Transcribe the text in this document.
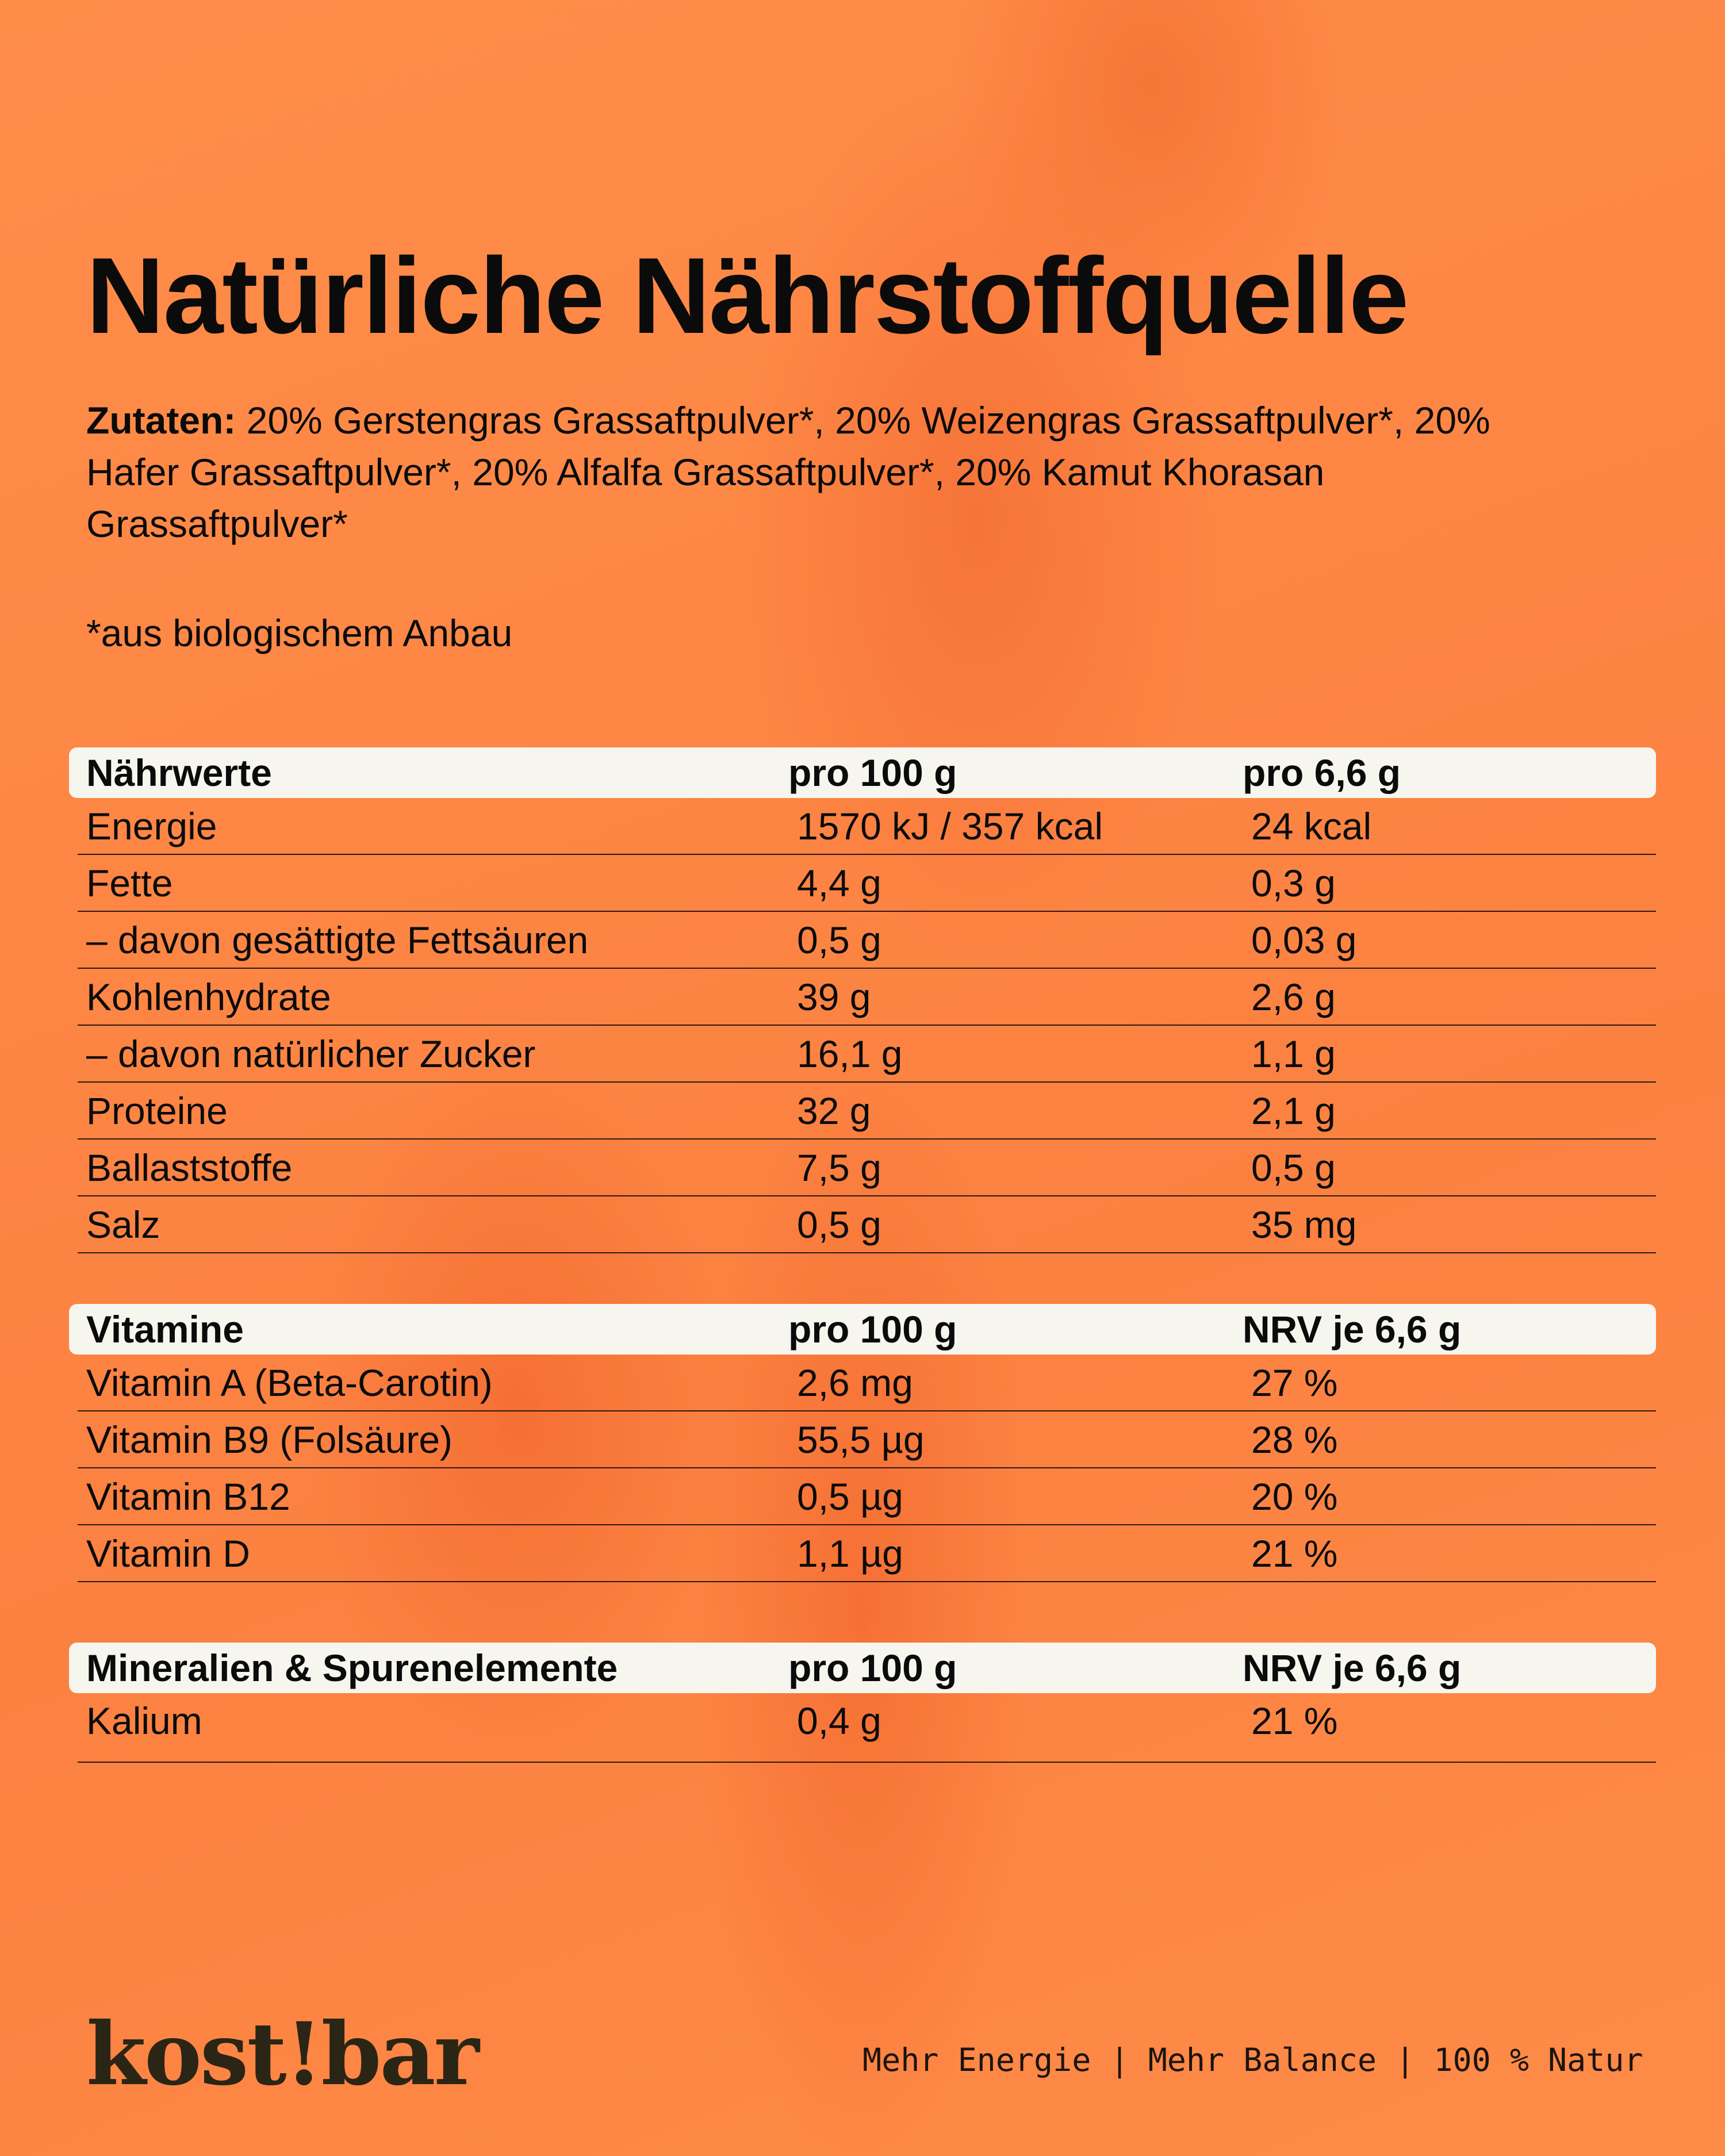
Natürliche Nährstoffquelle

Zutaten: 20% Gerstengras Grassaftpulver*, 20% Weizengras Grassaftpulver*, 20% Hafer Grassaftpulver*, 20% Alfalfa Grassaftpulver*, 20% Kamut Khorasan Grassaftpulver*

*aus biologischem Anbau

Nährwerte	pro 100 g	pro 6,6 g
Energie	1570 kJ / 357 kcal	24 kcal
Fette	4,4 g	0,3 g
– davon gesättigte Fettsäuren	0,5 g	0,03 g
Kohlenhydrate	39 g	2,6 g
– davon natürlicher Zucker	16,1 g	1,1 g
Proteine	32 g	2,1 g
Ballaststoffe	7,5 g	0,5 g
Salz	0,5 g	35 mg
Vitamine	pro 100 g	NRV je 6,6 g
Vitamin A (Beta-Carotin)	2,6 mg	27 %
Vitamin B9 (Folsäure)	55,5 µg	28 %
Vitamin B12	0,5 µg	20 %
Vitamin D	1,1 µg	21 %
Mineralien & Spurenelemente	pro 100 g	NRV je 6,6 g
Kalium	0,4 g	21 %
kost!bar	Mehr Energie | Mehr Balance | 100 % Natur
